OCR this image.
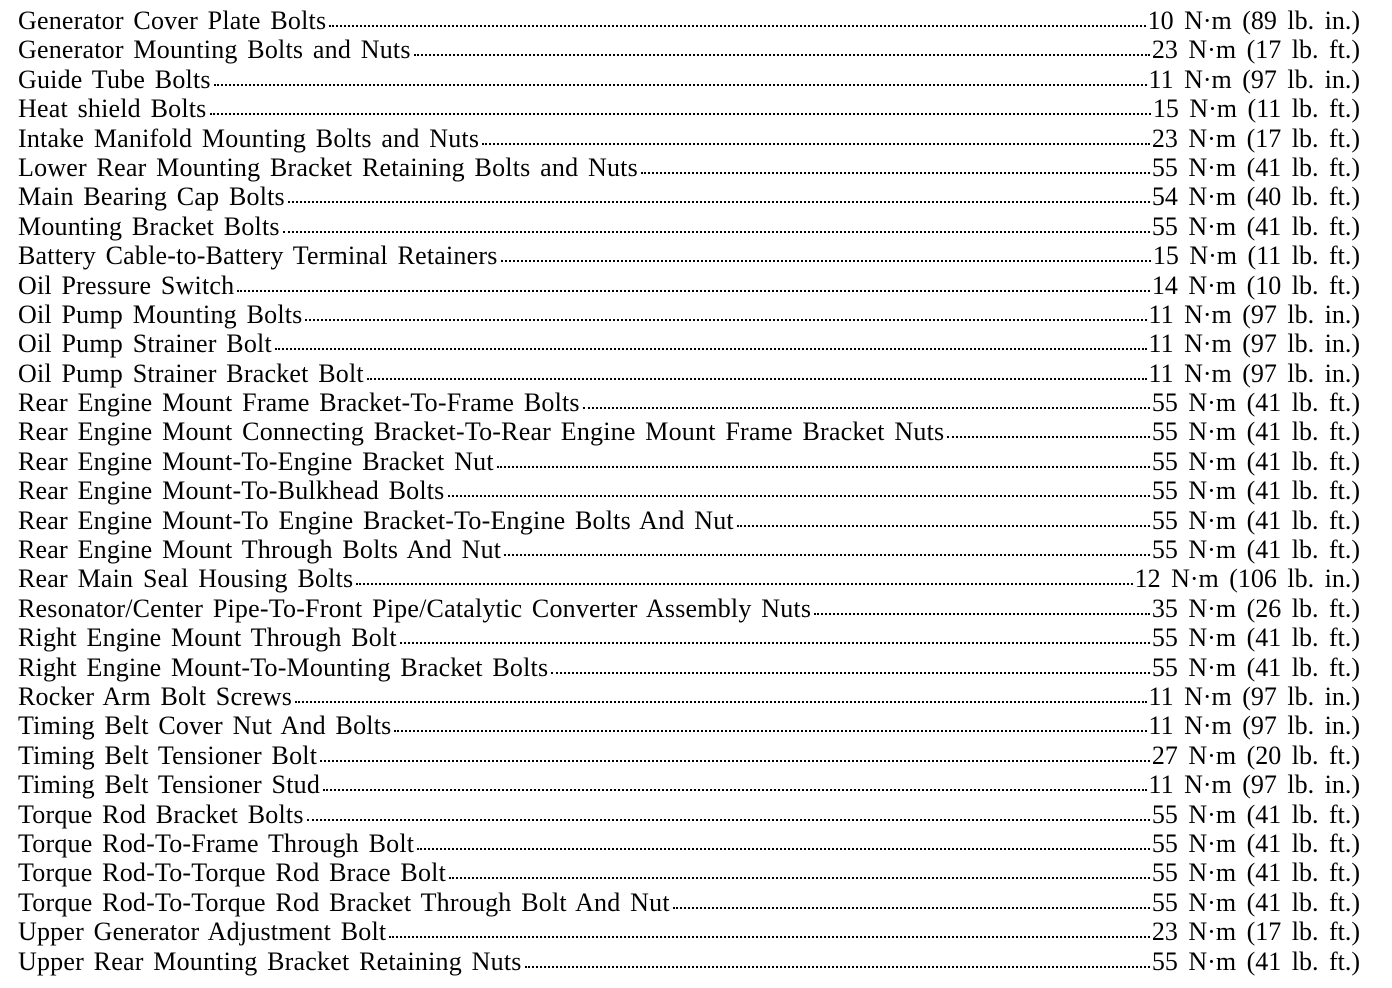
Generator Cover Plate Bolts	10 N·m (89 lb. in.)
Generator Mounting Bolts and Nuts	23 N·m (17 lb. ft.)
Guide Tube Bolts	11 N·m (97 lb. in.)
Heat shield Bolts	15 N·m (11 lb. ft.)
Intake Manifold Mounting Bolts and Nuts	23 N·m (17 lb. ft.)
Lower Rear Mounting Bracket Retaining Bolts and Nuts	55 N·m (41 lb. ft.)
Main Bearing Cap Bolts	54 N·m (40 lb. ft.)
Mounting Bracket Bolts	55 N·m (41 lb. ft.)
Battery Cable-to-Battery Terminal Retainers	15 N·m (11 lb. ft.)
Oil Pressure Switch	14 N·m (10 lb. ft.)
Oil Pump Mounting Bolts	11 N·m (97 lb. in.)
Oil Pump Strainer Bolt	11 N·m (97 lb. in.)
Oil Pump Strainer Bracket Bolt	11 N·m (97 lb. in.)
Rear Engine Mount Frame Bracket-To-Frame Bolts	55 N·m (41 lb. ft.)
Rear Engine Mount Connecting Bracket-To-Rear Engine Mount Frame Bracket Nuts	55 N·m (41 lb. ft.)
Rear Engine Mount-To-Engine Bracket Nut	55 N·m (41 lb. ft.)
Rear Engine Mount-To-Bulkhead Bolts	55 N·m (41 lb. ft.)
Rear Engine Mount-To Engine Bracket-To-Engine Bolts And Nut	55 N·m (41 lb. ft.)
Rear Engine Mount Through Bolts And Nut	55 N·m (41 lb. ft.)
Rear Main Seal Housing Bolts	12 N·m (106 lb. in.)
Resonator/Center Pipe-To-Front Pipe/Catalytic Converter Assembly Nuts	35 N·m (26 lb. ft.)
Right Engine Mount Through Bolt	55 N·m (41 lb. ft.)
Right Engine Mount-To-Mounting Bracket Bolts	55 N·m (41 lb. ft.)
Rocker Arm Bolt Screws	11 N·m (97 lb. in.)
Timing Belt Cover Nut And Bolts	11 N·m (97 lb. in.)
Timing Belt Tensioner Bolt	27 N·m (20 lb. ft.)
Timing Belt Tensioner Stud	11 N·m (97 lb. in.)
Torque Rod Bracket Bolts	55 N·m (41 lb. ft.)
Torque Rod-To-Frame Through Bolt	55 N·m (41 lb. ft.)
Torque Rod-To-Torque Rod Brace Bolt	55 N·m (41 lb. ft.)
Torque Rod-To-Torque Rod Bracket Through Bolt And Nut	55 N·m (41 lb. ft.)
Upper Generator Adjustment Bolt	23 N·m (17 lb. ft.)
Upper Rear Mounting Bracket Retaining Nuts	55 N·m (41 lb. ft.)
